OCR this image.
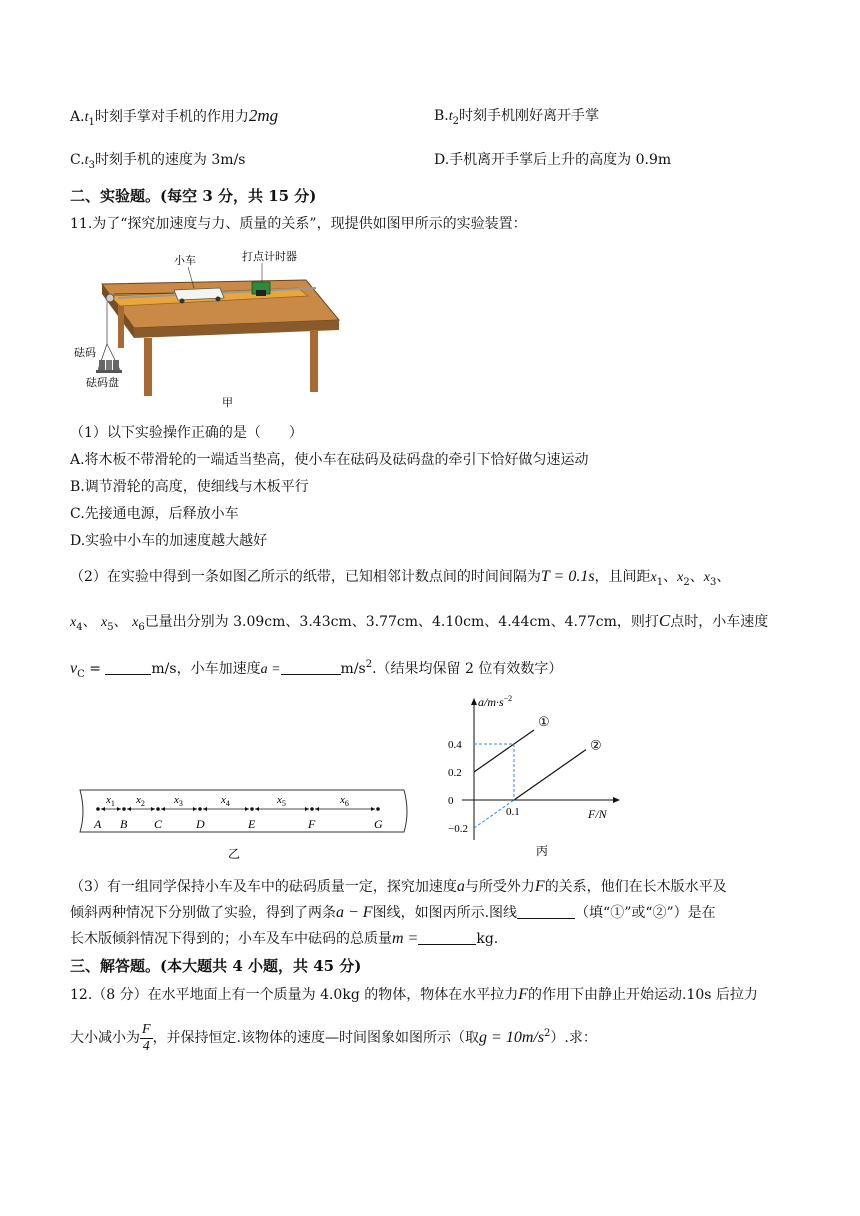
$A.t_1$时刻手掌对手机的作用力2mg	$B.t_2$时刻手机刚好离开手掌
$C.t_3$时刻手机的速度为 3m/s	D.手机离开手掌后上升的高度为 0.9m
二、实验题。(每空 3 分，共 15 分)
11.为了“探究加速度与力、质量的关系”，现提供如图甲所示的实验装置：
小车	打点计时器
砝码
砝码盘
甲
（1）以下实验操作正确的是（　　）
A.将木板不带滑轮的一端适当垫高，使小车在砝码及砝码盘的牵引下恰好做匀速运动
B.调节滑轮的高度，使细线与木板平行
C.先接通电源，后释放小车
D.实验中小车的加速度越大越好
（2）在实验中得到一条如图乙所示的纸带，已知相邻计数点间的时间间隔为T = 0.1s，且间距$x_1$、$x_2$、$x_3$、
$x_4$、 $x_5$、 $x_6$已量出分别为 3.09cm、3.43cm、3.77cm、4.10cm、4.44cm、4.77cm，则打C点时，小车速度
$v_C$ =	m/s，小车加速度a =	$m/s^2$.（结果均保留 2 位有效数字）
A B C	D	E	F	G
$x_1$ $x_2$	$x_3$	$x_4$	$x_5$	$x_6$
乙
$a/m\cdot s^{-2}$
F/N
0.4
0.2
0
−0.2
0.1
①
②
丙
（3）有一组同学保持小车及车中的砝码质量一定，探究加速度a与所受外力F的关系，他们在长木版水平及
倾斜两种情况下分别做了实验，得到了两条a − F图线，如图丙所示.图线	（填“①”或“②”）是在
长木版倾斜情况下得到的；小车及车中砝码的总质量m =	kg.
三、解答题。(本大题共 4 小题，共 45 分)
12.（8 分）在水平地面上有一个质量为 4.0kg 的物体，物体在水平拉力F的作用下由静止开始运动.10s 后拉力
大小减小为 $\frac{F}{4}$ ，并保持恒定.该物体的速度—时间图象如图所示（取$g = 10m/s^2$）.求：
